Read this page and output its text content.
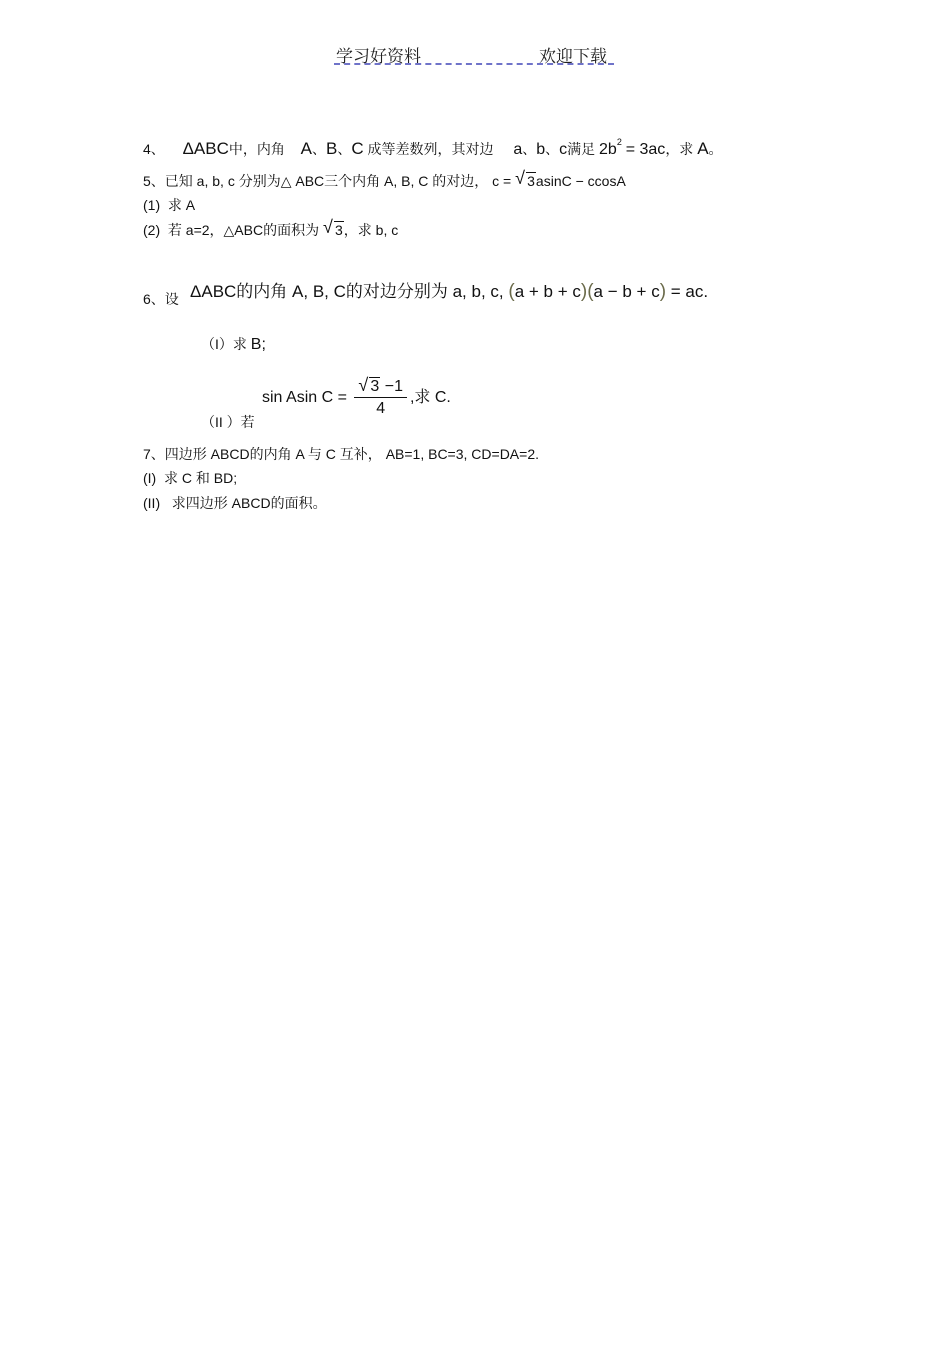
学习好资料	欢迎下载
4、 ΔABC中，内角 A、B、C 成等差数列，其对边 a、b、c满足 $2b^2 = 3ac$，求 A。
5、已知 a, b, c 分别为△ ABC三个内角 A, B, C 的对边， c = √ 3asinC − ccosA
(1) 求 A
(2) 若 a=2，△ABC的面积为 √ 3，求 b, c
6、设 ΔABC的内角 A, B, C的对边分别为 a, b, c, (a + b + c)(a − b + c) = ac.
（I）求 B;
（II ）若
sin Asin $C = \frac{√ 3 -1}{4}$ ,求 C.
7、四边形 ABCD的内角 A 与 C 互补， AB=1, BC=3, CD=DA=2.
(I) 求 C 和 BD;
(II) 求四边形 ABCD的面积。
